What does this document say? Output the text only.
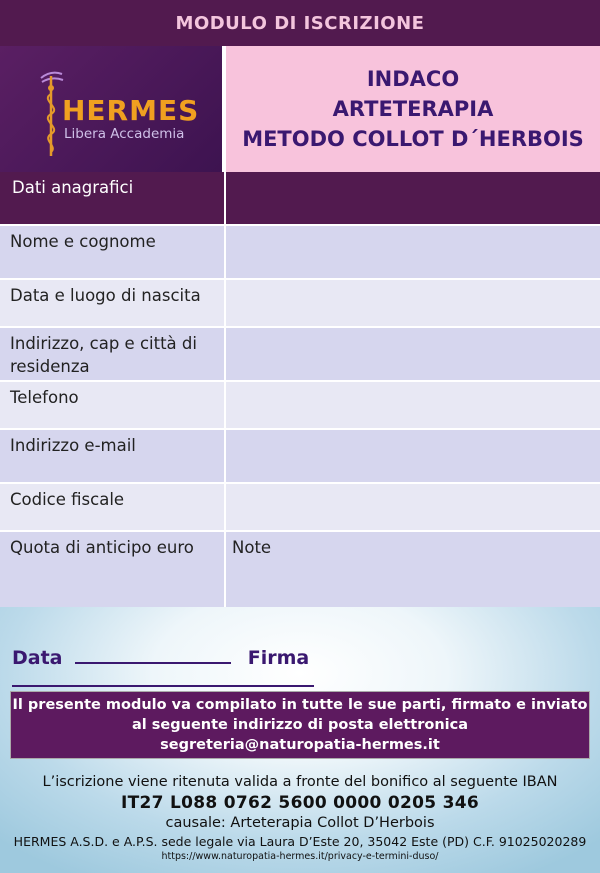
MODULO DI ISCRIZIONE
HERMES
Libera Accademia
INDACO
ARTETERAPIA
METODO COLLOT D´HERBOIS
Dati anagrafici
Nome e cognome
Data e luogo di nascita
Indirizzo, cap e città di residenza
Telefono
Indirizzo e-mail
Codice fiscale
Quota di anticipo euro	Note
Data	Firma
Il presente modulo va compilato in tutte le sue parti, firmato e inviato
al seguente indirizzo di posta elettronica
segreteria@naturopatia-hermes.it
L’iscrizione viene ritenuta valida a fronte del bonifico al seguente IBAN
IT27 L088 0762 5600 0000 0205 346
causale: Arteterapia Collot D’Herbois
HERMES A.S.D. e A.P.S. sede legale via Laura D’Este 20, 35042 Este (PD) C.F. 91025020289
https://www.naturopatia-hermes.it/privacy-e-termini-duso/
